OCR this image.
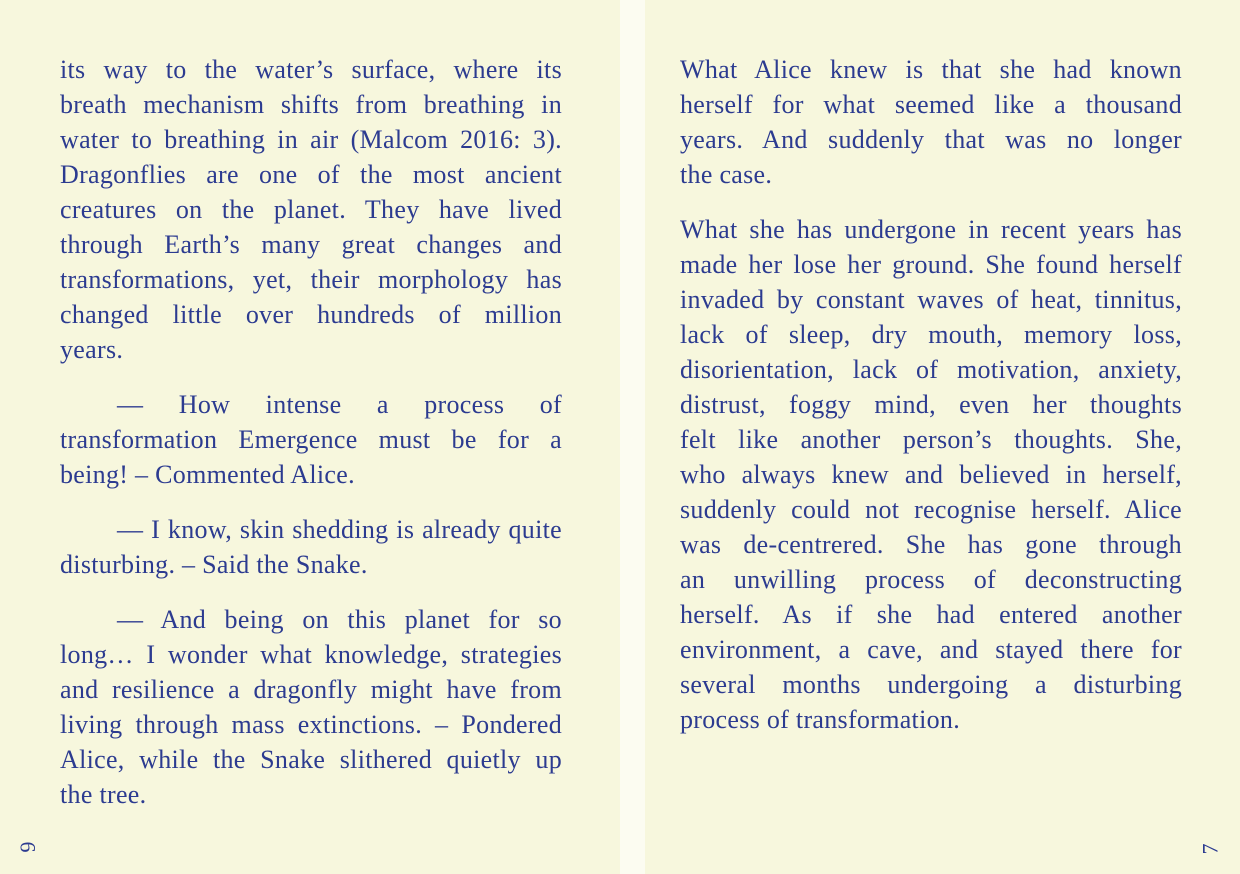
its way to the water’s surface, where its
breath mechanism shifts from breathing in
water to breathing in air (Malcom 2016: 3).
Dragonflies are one of the most ancient
creatures on the planet. They have lived
through Earth’s many great changes and
transformations, yet, their morphology has
changed little over hundreds of million
years.
— How intense a process of
transformation Emergence must be for a
being! – Commented Alice.
— I know, skin shedding is already quite
disturbing. – Said the Snake.
— And being on this planet for so
long… I wonder what knowledge, strategies
and resilience a dragonfly might have from
living through mass extinctions. – Pondered
Alice, while the Snake slithered quietly up
the tree.
6
What Alice knew is that she had known
herself for what seemed like a thousand
years. And suddenly that was no longer
the case.
What she has undergone in recent years has
made her lose her ground. She found herself
invaded by constant waves of heat, tinnitus,
lack of sleep, dry mouth, memory loss,
disorientation, lack of motivation, anxiety,
distrust, foggy mind, even her thoughts
felt like another person’s thoughts. She,
who always knew and believed in herself,
suddenly could not recognise herself. Alice
was de-centrered. She has gone through
an unwilling process of deconstructing
herself. As if she had entered another
environment, a cave, and stayed there for
several months undergoing a disturbing
process of transformation.
7
